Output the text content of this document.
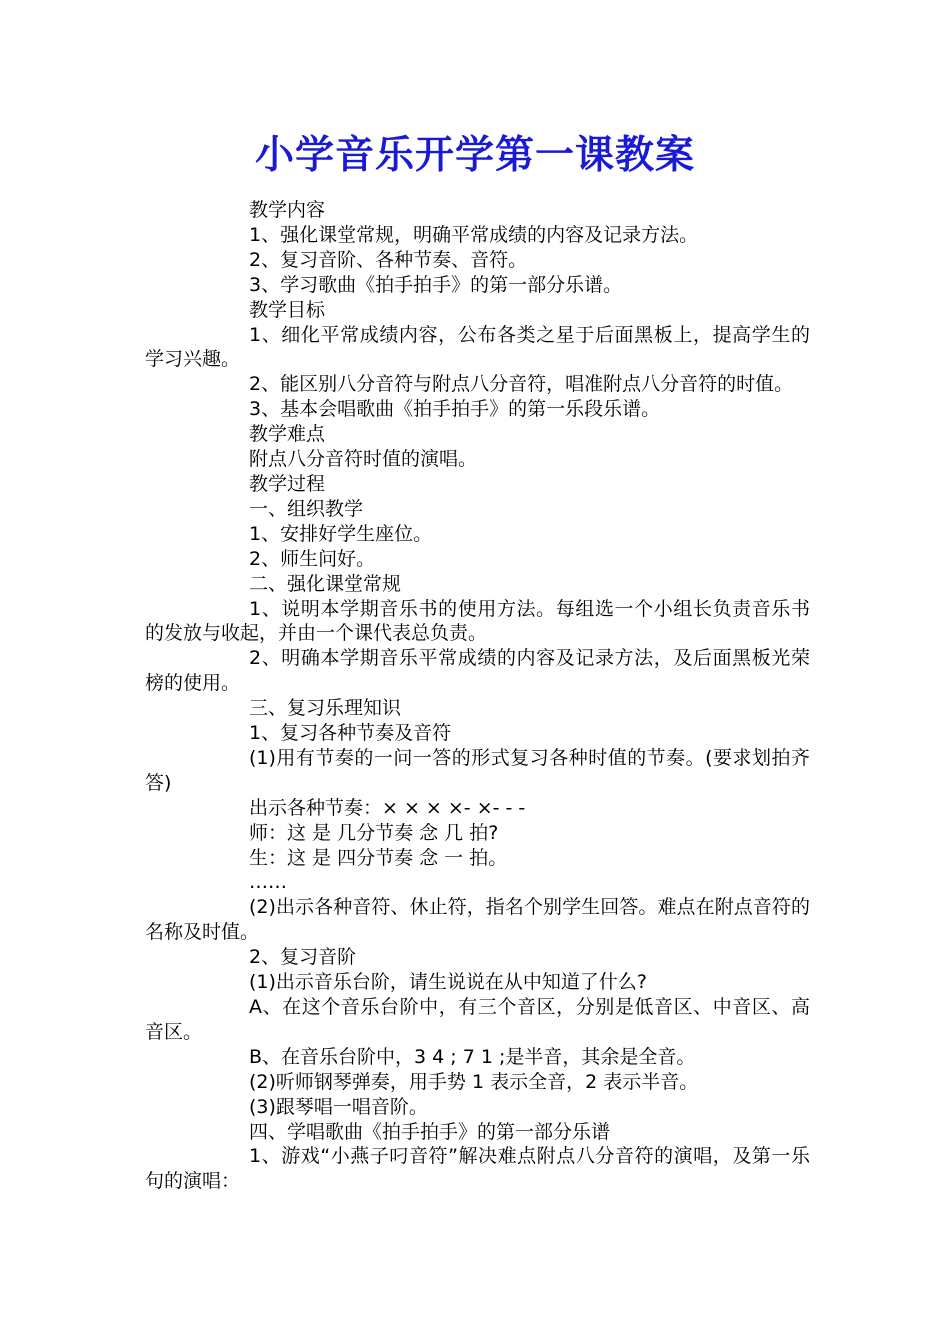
小学音乐开学第一课教案
教学内容
1、强化课堂常规，明确平常成绩的内容及记录方法。
2、复习音阶、各种节奏、音符。
3、学习歌曲《拍手拍手》的第一部分乐谱。
教学目标
1、细化平常成绩内容，公布各类之星于后面黑板上，提高学生的学习兴趣。
2、能区别八分音符与附点八分音符，唱准附点八分音符的时值。
3、基本会唱歌曲《拍手拍手》的第一乐段乐谱。
教学难点
附点八分音符时值的演唱。
教学过程
一、组织教学
1、安排好学生座位。
2、师生问好。
二、强化课堂常规
1、说明本学期音乐书的使用方法。每组选一个小组长负责音乐书的发放与收起，并由一个课代表总负责。
2、明确本学期音乐平常成绩的内容及记录方法，及后面黑板光荣榜的使用。
三、复习乐理知识
1、复习各种节奏及音符
(1)用有节奏的一问一答的形式复习各种时值的节奏。(要求划拍齐答)
出示各种节奏：× × × ×- ×- - -
师：这 是 几分节奏 念 几 拍?
生：这 是 四分节奏 念 一 拍。
……
(2)出示各种音符、休止符，指名个别学生回答。难点在附点音符的名称及时值。
2、复习音阶
(1)出示音乐台阶，请生说说在从中知道了什么?
A、在这个音乐台阶中，有三个音区，分别是低音区、中音区、高音区。
B、在音乐台阶中，3 4 ; 7 1 ;是半音，其余是全音。
(2)听师钢琴弹奏，用手势 1 表示全音，2 表示半音。
(3)跟琴唱一唱音阶。
四、学唱歌曲《拍手拍手》的第一部分乐谱
1、游戏“小燕子叼音符”解决难点附点八分音符的演唱，及第一乐句的演唱：
